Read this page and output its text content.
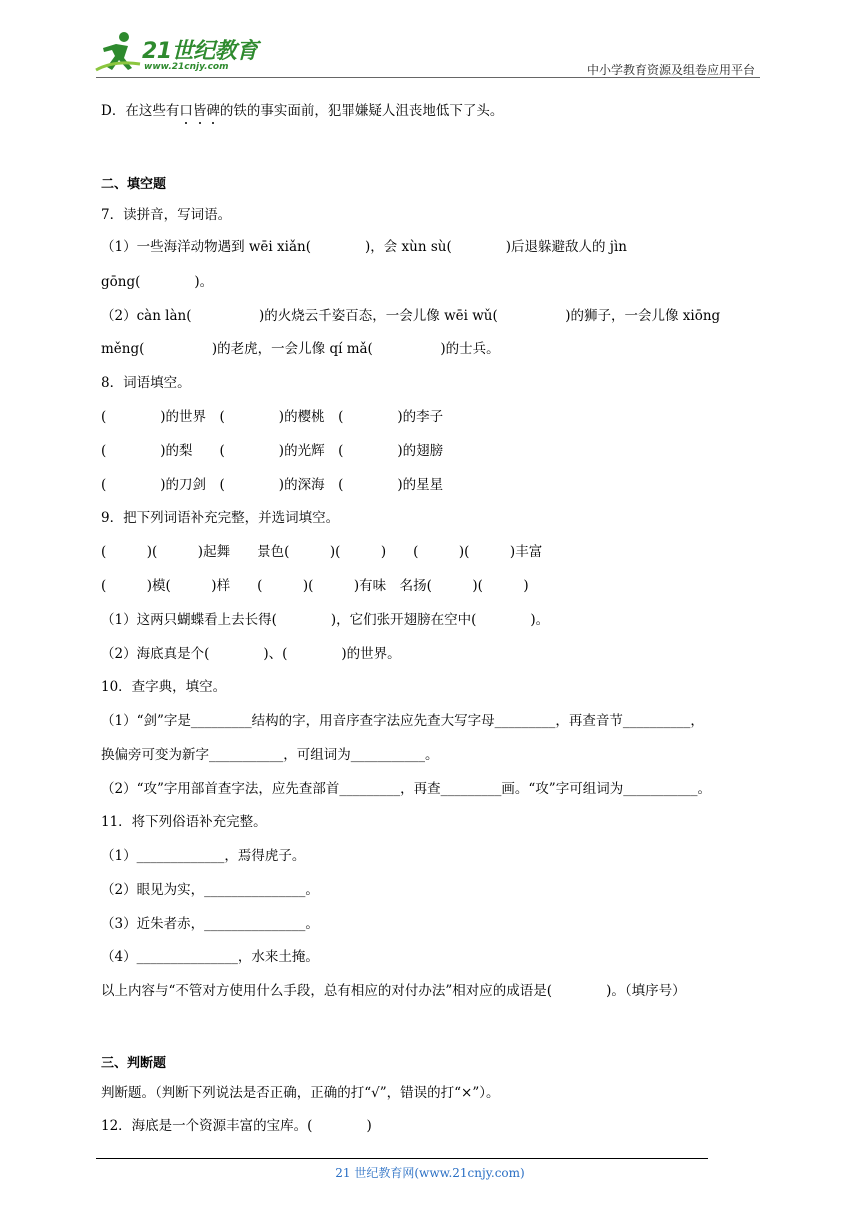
21世纪教育
www.21cnjy.com	中小学教育资源及组卷应用平台
D．在这些有口皆碑的铁的事实面前，犯罪嫌疑人沮丧地低下了头。
二、填空题
7．读拼音，写词语。
（1）一些海洋动物遇到 wēi xiǎn(　　　　)，会 xùn sù(　　　　)后退躲避敌人的 jìn
gōng(　　　　)。
（2）càn làn(　　　　　)的火烧云千姿百态，一会儿像 wēi wǔ(　　　　　)的狮子，一会儿像 xiōng
měng(　　　　　)的老虎，一会儿像 qí mǎ(　　　　　)的士兵。
8．词语填空。
(　　　　)的世界　(　　　　)的樱桃　(　　　　)的李子
(　　　　)的梨　　(　　　　)的光辉　(　　　　)的翅膀
(　　　　)的刀剑　(　　　　)的深海　(　　　　)的星星
9．把下列词语补充完整，并选词填空。
(　　　)(　　　)起舞　　景色(　　　)(　　　)　　(　　　)(　　　)丰富
(　　　)模(　　　)样　　(　　　)(　　　)有味　名扬(　　　)(　　　)
（1）这两只蝴蝶看上去长得(　　　　)，它们张开翅膀在空中(　　　　)。
（2）海底真是个(　　　　)、(　　　　)的世界。
10．查字典，填空。
（1）“剑”字是_________结构的字，用音序查字法应先查大写字母_________，再查音节__________，
换偏旁可变为新字___________，可组词为___________。
（2）“攻”字用部首查字法，应先查部首_________，再查_________画。“攻”字可组词为___________。
11．将下列俗语补充完整。
（1）_____________，焉得虎子。
（2）眼见为实，_______________。
（3）近朱者赤，_______________。
（4）_______________，水来土掩。
以上内容与“不管对方使用什么手段，总有相应的对付办法”相对应的成语是(　　　　)。（填序号）
三、判断题
判断题。（判断下列说法是否正确，正确的打“√”，错误的打“×”）。
12．海底是一个资源丰富的宝库。(　　　　)
21 世纪教育网(www.21cnjy.com)
